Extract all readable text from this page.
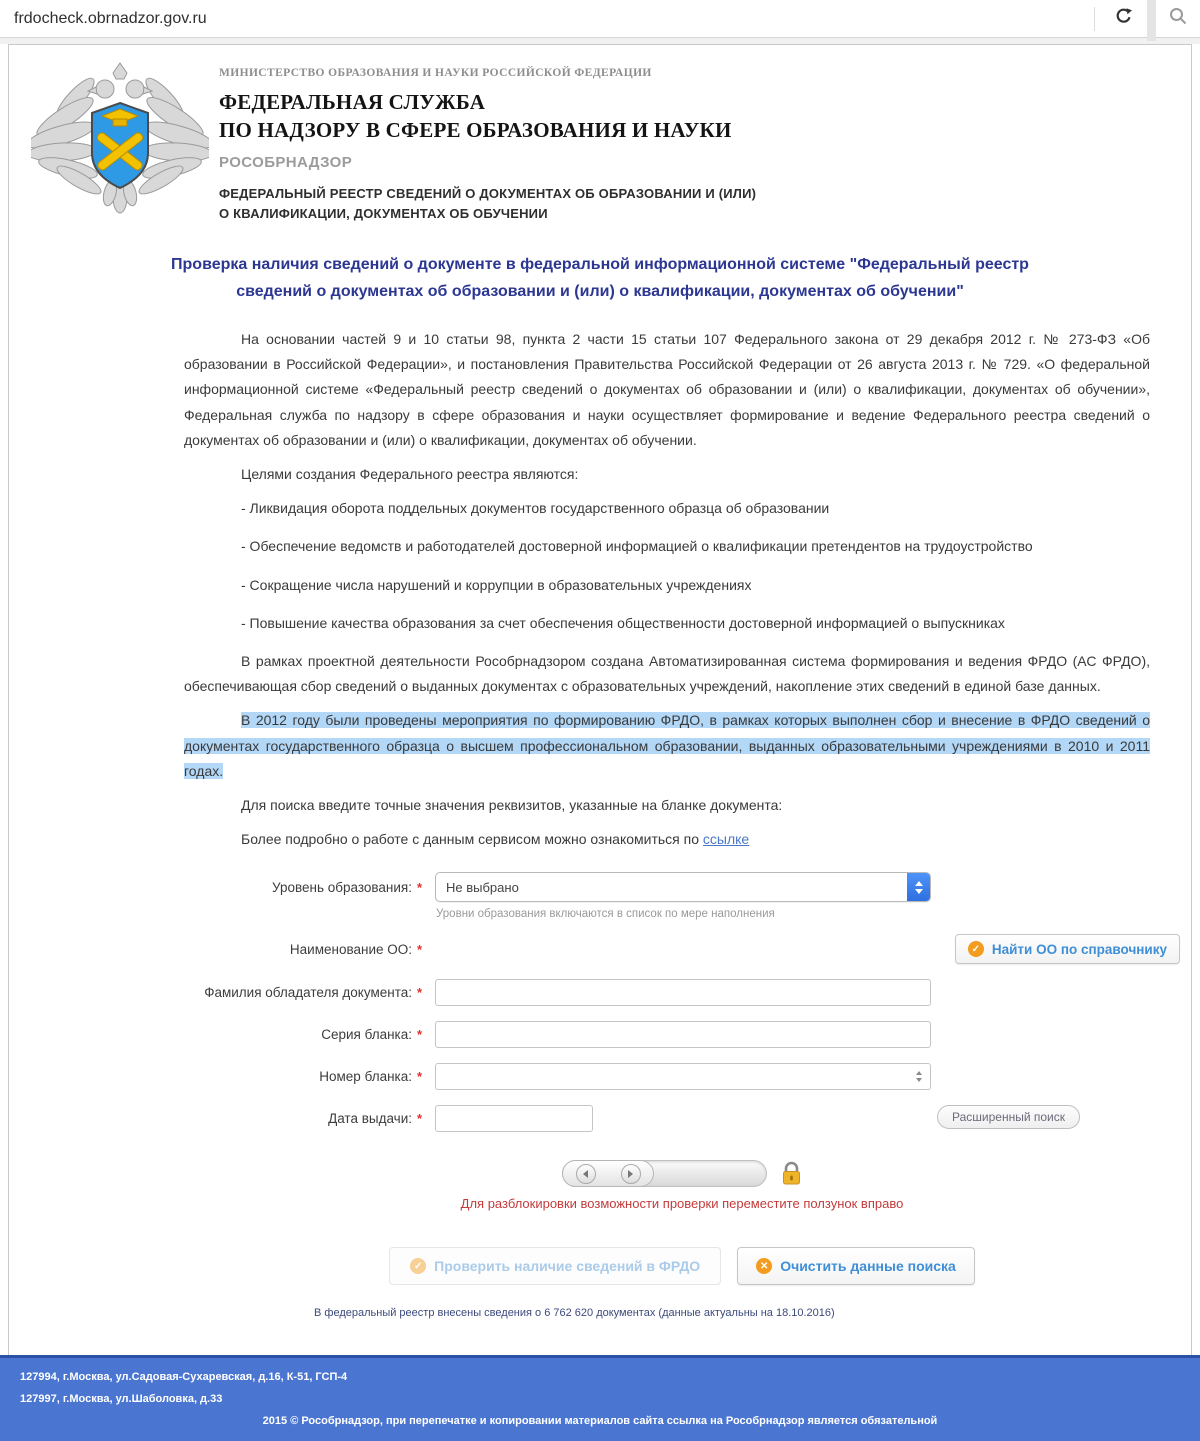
frdocheck.obrnadzor.gov.ru
МИНИСТЕРСТВО ОБРАЗОВАНИЯ И НАУКИ РОССИЙСКОЙ ФЕДЕРАЦИИ
ФЕДЕРАЛЬНАЯ СЛУЖБА
ПО НАДЗОРУ В СФЕРЕ ОБРАЗОВАНИЯ И НАУКИ
РОСОБРНАДЗОР
ФЕДЕРАЛЬНЫЙ РЕЕСТР СВЕДЕНИЙ О ДОКУМЕНТАХ ОБ ОБРАЗОВАНИИ И (ИЛИ)
О КВАЛИФИКАЦИИ, ДОКУМЕНТАХ ОБ ОБУЧЕНИИ
Проверка наличия сведений о документе в федеральной информационной системе "Федеральный реестр сведений о документах об образовании и (или) о квалификации, документах об обучении"

На основании частей 9 и 10 статьи 98, пункта 2 части 15 статьи 107 Федерального закона от 29 декабря 2012 г. № 273-ФЗ «Об образовании в Российской Федерации», и постановления Правительства Российской Федерации от 26 августа 2013 г. № 729. «О федеральной информационной системе «Федеральный реестр сведений о документах об образовании и (или) о квалификации, документах об обучении», Федеральная служба по надзору в сфере образования и науки осуществляет формирование и ведение Федерального реестра сведений о документах об образовании и (или) о квалификации, документах об обучении.

Целями создания Федерального реестра являются:

- Ликвидация оборота поддельных документов государственного образца об образовании

- Обеспечение ведомств и работодателей достоверной информацией о квалификации претендентов на трудоустройство

- Сокращение числа нарушений и коррупции в образовательных учреждениях

- Повышение качества образования за счет обеспечения общественности достоверной информацией о выпускниках

В рамках проектной деятельности Рособрнадзором создана Автоматизированная система формирования и ведения ФРДО (АС ФРДО), обеспечивающая сбор сведений о выданных документах с образовательных учреждений, накопление этих сведений в единой базе данных.

В 2012 году были проведены мероприятия по формированию ФРДО, в рамках которых выполнен сбор и внесение в ФРДО сведений о документах государственного образца о высшем профессиональном образовании, выданных образовательными учреждениями в 2010 и 2011 годах.

Для поиска введите точные значения реквизитов, указанные на бланке документа:

Более подробно о работе с данным сервисом можно ознакомиться по ссылке

Уровень образования: *	Не выбрано
Уровни образования включаются в список по мере наполнения
Наименование ОО: *	✓ Найти ОО по справочнику
Фамилия обладателя документа: *
Серия бланка: *
Номер бланка: *
Дата выдачи: *	Расширенный поиск
Для разблокировки возможности проверки переместите ползунок вправо
✓ Проверить наличие сведений в ФРДО	✕ Очистить данные поиска
В федеральный реестр внесены сведения о 6 762 620 документах (данные актуальны на 18.10.2016)
127994, г.Москва, ул.Садовая-Сухаревская, д.16, К-51, ГСП-4
127997, г.Москва, ул.Шаболовка, д.33
2015 © Рособрнадзор, при перепечатке и копировании материалов сайта ссылка на Рособрнадзор является обязательной
